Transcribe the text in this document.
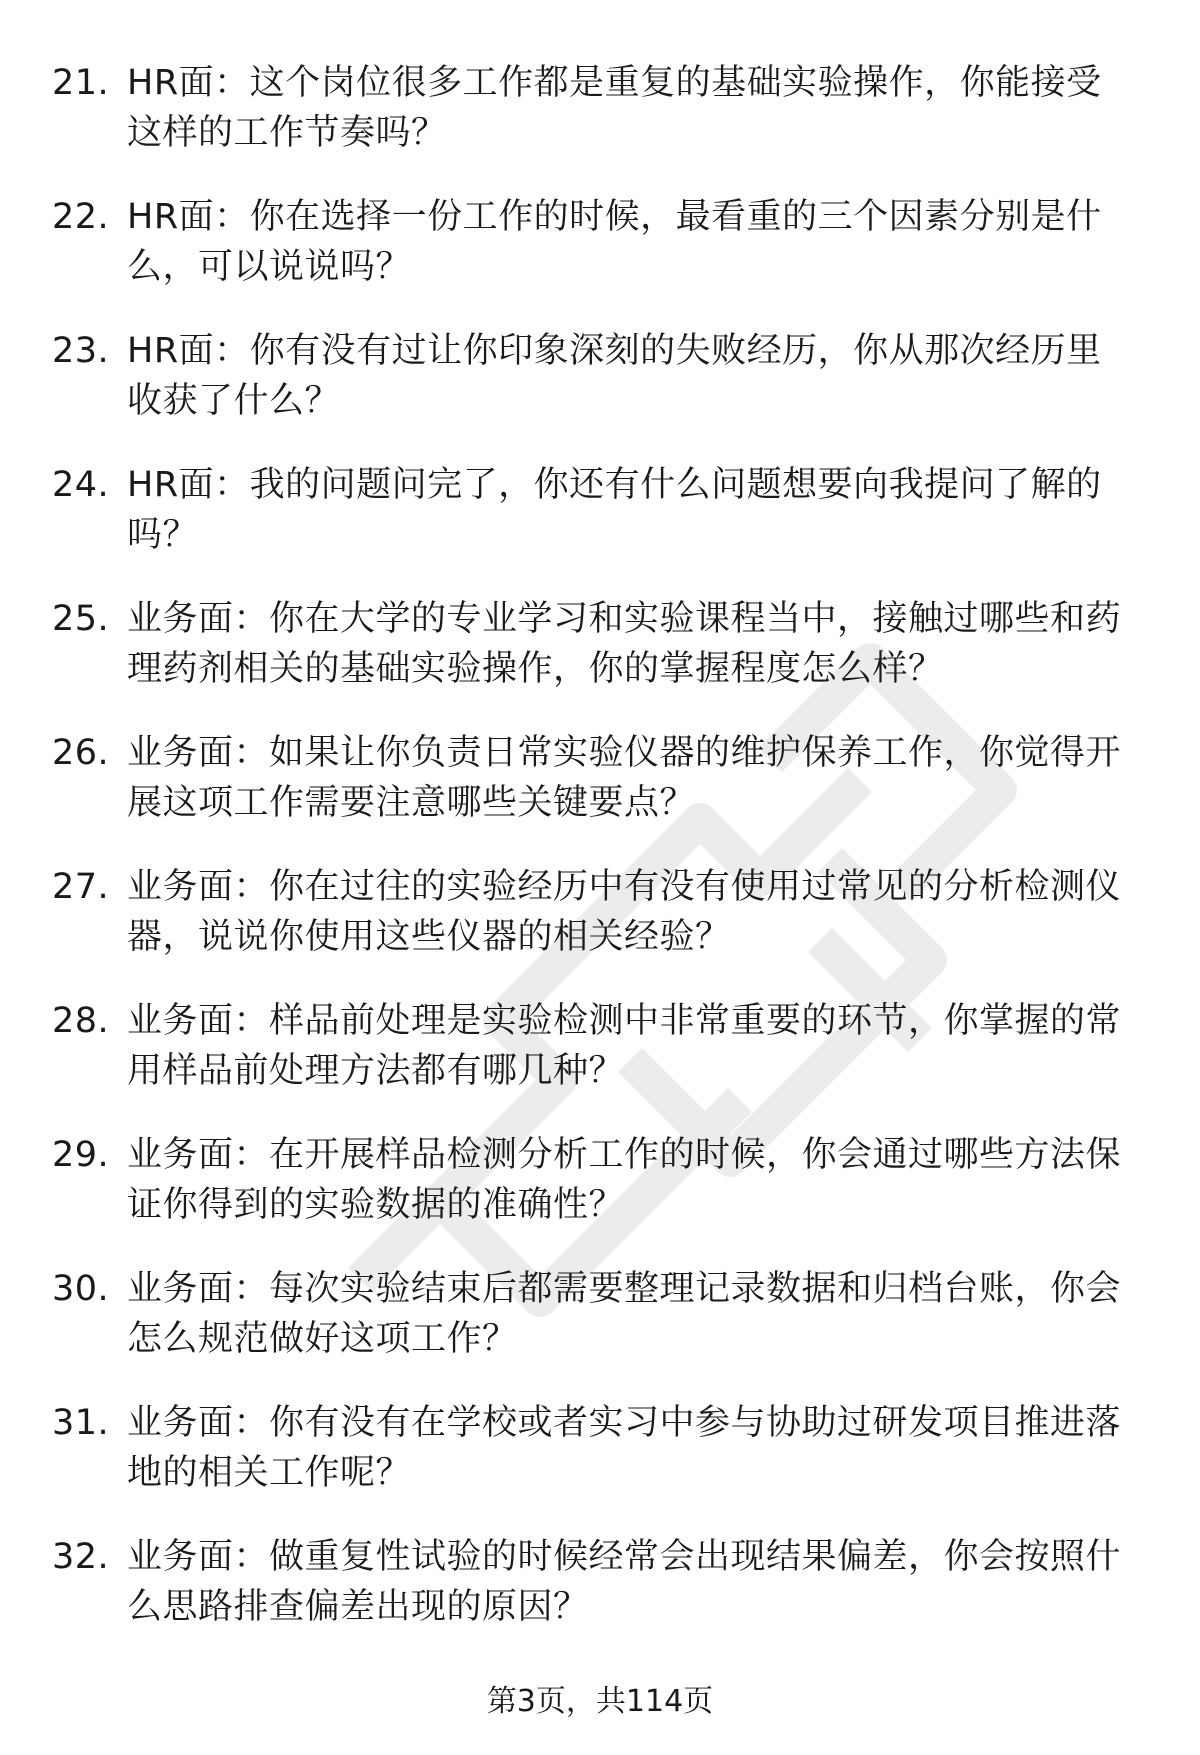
21. HR面：这个岗位很多工作都是重复的基础实验操作，你能接受这样的工作节奏吗？
22. HR面：你在选择一份工作的时候，最看重的三个因素分别是什么，可以说说吗？
23. HR面：你有没有过让你印象深刻的失败经历，你从那次经历里收获了什么？
24. HR面：我的问题问完了，你还有什么问题想要向我提问了解的吗？
25. 业务面：你在大学的专业学习和实验课程当中，接触过哪些和药理药剂相关的基础实验操作，你的掌握程度怎么样？
26. 业务面：如果让你负责日常实验仪器的维护保养工作，你觉得开展这项工作需要注意哪些关键要点？
27. 业务面：你在过往的实验经历中有没有使用过常见的分析检测仪器，说说你使用这些仪器的相关经验？
28. 业务面：样品前处理是实验检测中非常重要的环节，你掌握的常用样品前处理方法都有哪几种？
29. 业务面：在开展样品检测分析工作的时候，你会通过哪些方法保证你得到的实验数据的准确性？
30. 业务面：每次实验结束后都需要整理记录数据和归档台账，你会怎么规范做好这项工作？
31. 业务面：你有没有在学校或者实习中参与协助过研发项目推进落地的相关工作呢？
32. 业务面：做重复性试验的时候经常会出现结果偏差，你会按照什么思路排查偏差出现的原因？
第3页，共114页
